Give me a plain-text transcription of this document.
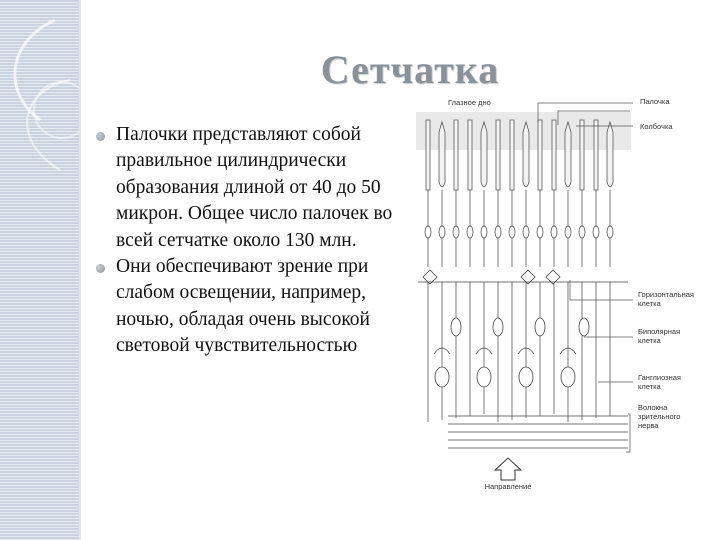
Сетчатка
Палочки представляют собой правильное цилиндрически образования длиной от 40 до 50 микрон. Общее число палочек во всей сетчатке около 130 млн.
Они обеспечивают зрение при слабом освещении, например, ночью, обладая очень высокой световой чувствительностью
Глазное дно	Палочка
Колбочка
Горизонтальная
клетка
Биполярная
клетка
Ганглиозная
клетка
Волокна
зрительного
нерва
Направление
